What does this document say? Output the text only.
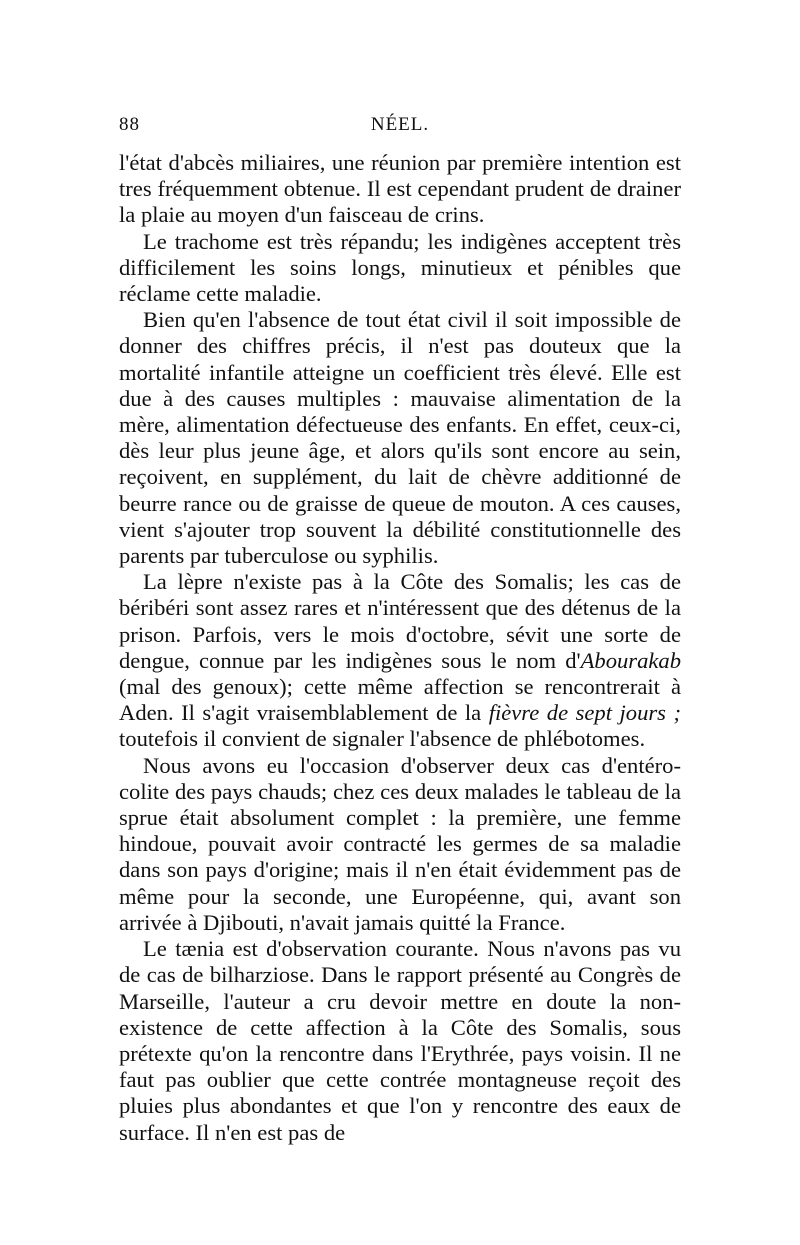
88	NÉEL.

l'état d'abcès miliaires, une réunion par première intention est tres fréquemment obtenue. Il est cependant prudent de drainer la plaie au moyen d'un faisceau de crins.

Le trachome est très répandu; les indigènes acceptent très difficilement les soins longs, minutieux et pénibles que réclame cette maladie.

Bien qu'en l'absence de tout état civil il soit impossible de donner des chiffres précis, il n'est pas douteux que la mortalité infantile atteigne un coefficient très élevé. Elle est due à des causes multiples : mauvaise alimentation de la mère, alimentation défectueuse des enfants. En effet, ceux-ci, dès leur plus jeune âge, et alors qu'ils sont encore au sein, reçoivent, en supplément, du lait de chèvre additionné de beurre rance ou de graisse de queue de mouton. A ces causes, vient s'ajouter trop souvent la débilité constitutionnelle des parents par tuberculose ou syphilis.

La lèpre n'existe pas à la Côte des Somalis; les cas de béribéri sont assez rares et n'intéressent que des détenus de la prison. Parfois, vers le mois d'octobre, sévit une sorte de dengue, connue par les indigènes sous le nom d'Abourakab (mal des genoux); cette même affection se rencontrerait à Aden. Il s'agit vraisemblablement de la fièvre de sept jours ; toutefois il convient de signaler l'absence de phlébotomes.

Nous avons eu l'occasion d'observer deux cas d'entéro-colite des pays chauds; chez ces deux malades le tableau de la sprue était absolument complet : la première, une femme hindoue, pouvait avoir contracté les germes de sa maladie dans son pays d'origine; mais il n'en était évidemment pas de même pour la seconde, une Européenne, qui, avant son arrivée à Djibouti, n'avait jamais quitté la France.

Le tænia est d'observation courante. Nous n'avons pas vu de cas de bilharziose. Dans le rapport présenté au Congrès de Marseille, l'auteur a cru devoir mettre en doute la non-existence de cette affection à la Côte des Somalis, sous prétexte qu'on la rencontre dans l'Erythrée, pays voisin. Il ne faut pas oublier que cette contrée montagneuse reçoit des pluies plus abondantes et que l'on y rencontre des eaux de surface. Il n'en est pas de
